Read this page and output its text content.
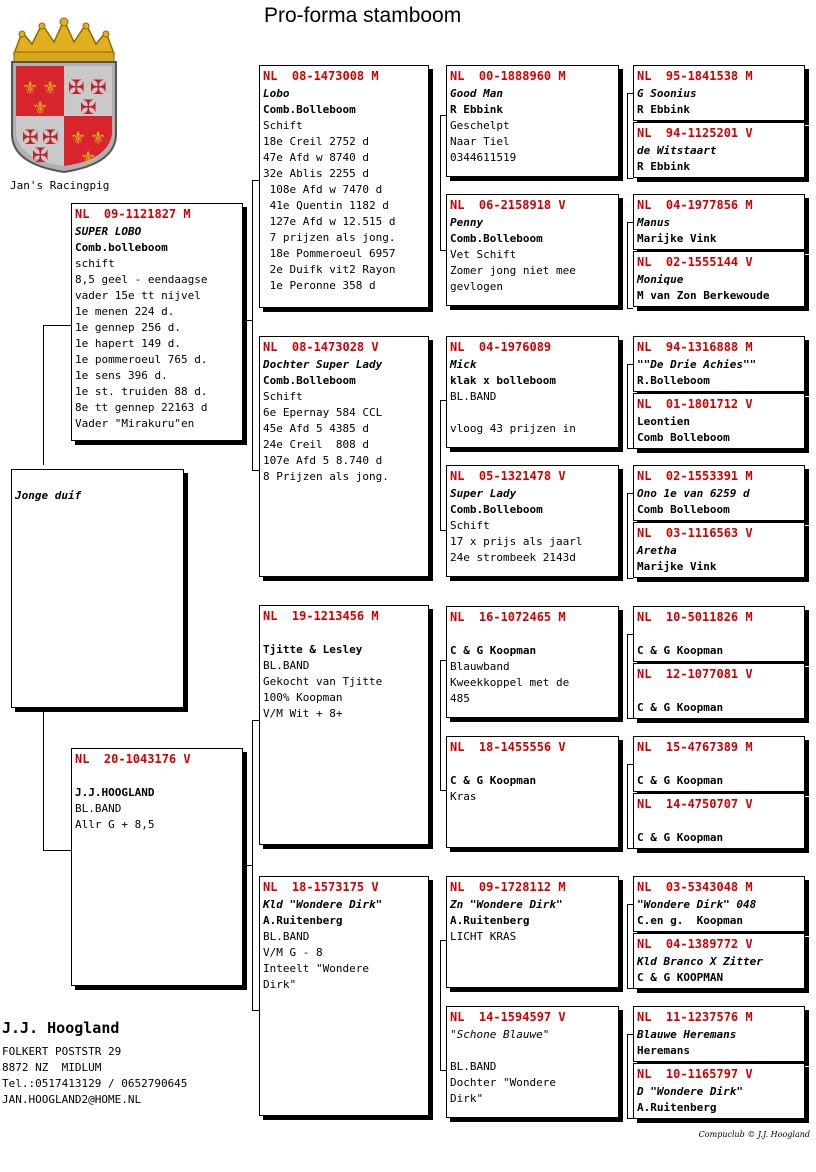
Pro-forma stamboom
⚜ ⚜
⚜
⚜ ⚜
⚜
✠ ✠
✠
✠ ✠
✠
Jan's Racingpig
Jonge duif
NL  09-1121827 M
SUPER LOBO
Comb.bolleboom
schift
8,5 geel - eendaagse
vader 15e tt nijvel
1e menen 224 d.
1e gennep 256 d.
1e hapert 149 d.
1e pommeroeul 765 d.
1e sens 396 d.
1e st. truiden 88 d.
8e tt gennep 22163 d
Vader "Mirakuru"en
NL  20-1043176 V
J.J.HOOGLAND
BL.BAND
Allr G + 8,5
NL  08-1473008 M
Lobo
Comb.Bolleboom
Schift
18e Creil 2752 d
47e Afd w 8740 d
32e Ablis 2255 d
108e Afd w 7470 d
41e Quentin 1182 d
127e Afd w 12.515 d
7 prijzen als jong.
18e Pommeroeul 6957
2e Duifk vit2 Rayon
1e Peronne 358 d
NL  08-1473028 V
Dochter Super Lady
Comb.Bolleboom
Schift
6e Epernay 584 CCL
45e Afd 5 4385 d
24e Creil  808 d
107e Afd 5 8.740 d
8 Prijzen als jong.
NL  19-1213456 M
Tjitte & Lesley
BL.BAND
Gekocht van Tjitte
100% Koopman
V/M Wit + 8+
NL  18-1573175 V
Kld "Wondere Dirk"
A.Ruitenberg
BL.BAND
V/M G - 8
Inteelt "Wondere
Dirk"
NL  00-1888960 M
Good Man
R Ebbink
Geschelpt
Naar Tiel
0344611519
NL  06-2158918 V
Penny
Comb.Bolleboom
Vet Schift
Zomer jong niet mee
gevlogen
NL  04-1976089
Mick
klak x bolleboom
BL.BAND
vloog 43 prijzen in
NL  05-1321478 V
Super Lady
Comb.Bolleboom
Schift
17 x prijs als jaarl
24e strombeek 2143d
NL  16-1072465 M
C & G Koopman
Blauwband
Kweekkoppel met de
485
NL  18-1455556 V
C & G Koopman
Kras
NL  09-1728112 M
Zn "Wondere Dirk"
A.Ruitenberg
LICHT KRAS
NL  14-1594597 V
"Schone Blauwe"
BL.BAND
Dochter "Wondere
Dirk"
NL  95-1841538 M
G Soonius
R Ebbink
NL  94-1125201 V
de Witstaart
R Ebbink
NL  04-1977856 M
Manus
Marijke Vink
NL  02-1555144 V
Monique
M van Zon Berkewoude
NL  94-1316888 M
""De Drie Achies""
R.Bolleboom
NL  01-1801712 V
Leontien
Comb Bolleboom
NL  02-1553391 M
Ono 1e van 6259 d
Comb Bolleboom
NL  03-1116563 V
Aretha
Marijke Vink
NL  10-5011826 M
C & G Koopman
NL  12-1077081 V
C & G Koopman
NL  15-4767389 M
C & G Koopman
NL  14-4750707 V
C & G Koopman
NL  03-5343048 M
"Wondere Dirk" 048
C.en g.  Koopman
NL  04-1389772 V
Kld Branco X Zitter
C & G KOOPMAN
NL  11-1237576 M
Blauwe Heremans
Heremans
NL  10-1165797 V
D "Wondere Dirk"
A.Ruitenberg
J.J. Hoogland
FOLKERT POSTSTR 29
8872 NZ  MIDLUM
Tel.:0517413129 / 0652790645
JAN.HOOGLAND2@HOME.NL
Compuclub © J.J. Hoogland
